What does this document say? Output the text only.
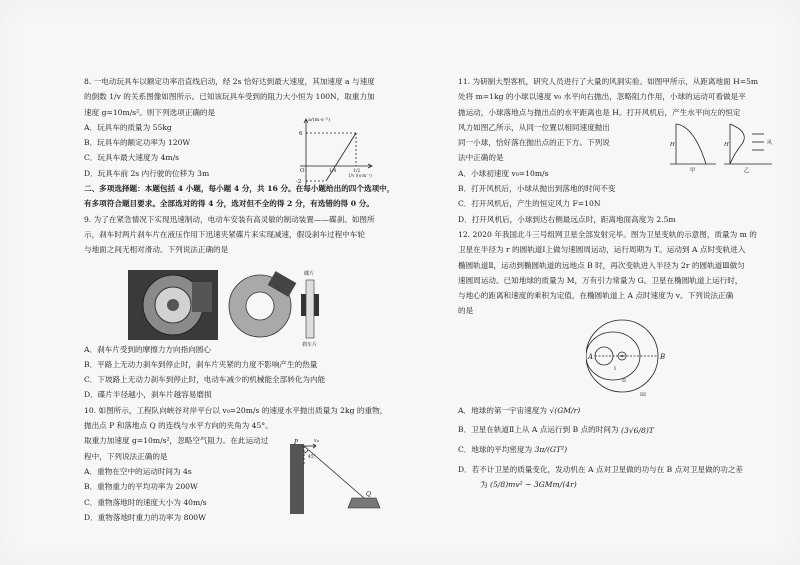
8. 一电动玩具车以额定功率沿直线启动，经 2s 恰好达到最大速度，其加速度 a 与速度

的倒数 1/v 的关系图像如图所示。已知该玩具车受到的阻力大小恒为 100N，取重力加

速度 g=10m/s²。则下列选项正确的是

A．玩具车的质量为 55kg

B．玩具车的额定功率为 120W

C．玩具车最大速度为 4m/s

D．玩具车前 2s 内行驶的位移为 3m

二、多项选择题：本题包括 4 小题，每小题 4 分，共 16 分。在每小题给出的四个选项中，

有多项符合题目要求。全部选对的得 4 分，选对但不全的得 2 分，有选错的得 0 分。

9. 为了在紧急情况下实现迅速制动，电动车安装有高灵敏的制动装置——碟刹。如图所

示，刹车时两片刹车片在液压作用下迅速夹紧碟片来实现减速，假设刹车过程中车轮

与地面之间无相对滑动。下列说法正确的是

A．刹车片受到的摩擦力方向指向圆心

B．平路上无动力刹车到停止时，刹车片夹紧的力度不影响产生的热量

C．下坡路上无动力刹车到停止时，电动车减少的机械能全部转化为内能

D．碟片半径越小，刹车片越容易磨损

10. 如图所示，工程队向峡谷对岸平台以 v₀=20m/s 的速度水平抛出质量为 2kg 的重物，

抛出点 P 和落地点 Q 的连线与水平方向的夹角为 45°。

取重力加速度 g=10m/s²，忽略空气阻力。在此运动过

程中，下列说法正确的是

A．重物在空中的运动时间为 4s

B．重物重力的平均功率为 200W

C．重物落地时的速度大小为 40m/s

D．重物落地时重力的功率为 800W

a/(m·s⁻²)
6
-2
O	1/4	1/2
1/v /(s·m⁻¹)
碟片
刹车片
P
Q
v₀
45°

11. 为研制大型客机，研究人员进行了大量的风洞实验。如图甲所示，从距离地面 H=5m

处将 m=1kg 的小球以速度 v₀ 水平向右抛出，忽略阻力作用，小球的运动可看做是平

抛运动，小球落地点与抛出点的水平距离也是 H。打开风机后，产生水平向左的恒定

风力如图乙所示，从同一位置以相同速度抛出

同一小球，恰好落在抛出点的正下方。下列说

法中正确的是

A．小球初速度 v₀=10m/s

B．打开风机后，小球从抛出到落地的时间不变

C．打开风机后，产生的恒定风力 F=10N

D．打开风机后，小球到达右侧最远点时，距离地面高度为 2.5m

12. 2020 年我国北斗三号组网卫星全部发射完毕。图为卫星变轨的示意图，质量为 m 的

卫星在半径为 r 的圆轨道Ⅰ上做匀速圆周运动，运行周期为 T。运动到 A 点时变轨进入

椭圆轨道Ⅱ，运动到椭圆轨道的远地点 B 时，再次变轨进入半径为 2r 的圆轨道Ⅲ做匀

速圆周运动。已知地球的质量为 M，万有引力常量为 G。卫星在椭圆轨道上运行时，

与地心的距离和速度的乘积为定值，在椭圆轨道上 A 点时速度为 v。下列说法正确

的是

A．地球的第一宇宙速度为 √(GM/r)

B．卫星在轨道Ⅱ上从 A 点运行到 B 点的时间为 (3√6/8)T

C．地球的平均密度为 3π/(GT²)

D．若不计卫星的质量变化，发动机在 A 点对卫星做的功与在 B 点对卫星做的功之差

为 (5/8)mv² − 3GMm/(4r)

H
甲
风
H
乙
A	B
I
II
III
